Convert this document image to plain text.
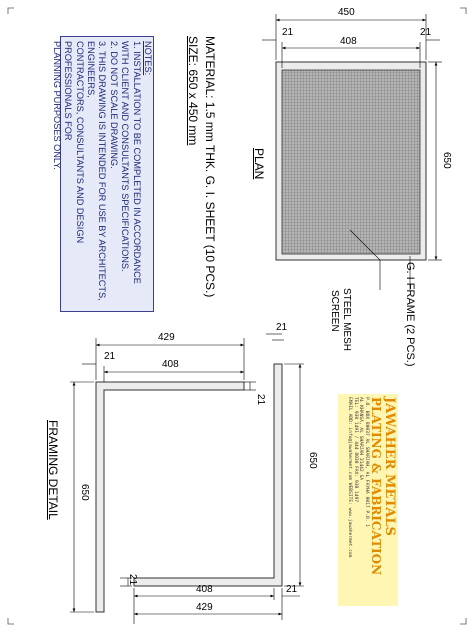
NOTES:
1. INSTALLATION TO BE COMPLETED IN ACCORDANCE
WITH CLIENT AND CONSULTANTS SPECIFICATIONS.
2. DO NOT SCALE DRAWING.
3. THIS DRAWING IS INTENDED FOR USE BY ARCHITECTS, ENGINEERS,
CONTRACTORS, CONSULTANTS AND DESIGN PROFESSIONALS FOR
PLANNING PURPOSES ONLY.	MATERIAL: 1.5 mm THK. G. I. SHEET (10 PCS.)
SIZE: 650 x 450 mm
PLAN
G. I FRAME (2 PCS.)
STEEL MESH
SCREEN
450
408
21	21
650
FRAMING DETAIL
429
408
21
21
21
650
650
21
408	21
429
JAWAHER METALS
PLATING & FABRICATION
P.O. BOX 80037 AL SHARJAH, AL FAYHA 0017 P.O. 1
AL KHANSA, AL SHARJAH 31442 SA
TEL: 930 1491 / 444 8030 FAX: 930 1497
EMAIL ADD: info@jawahermet.com WEBSITE: www.jawahermet.com
